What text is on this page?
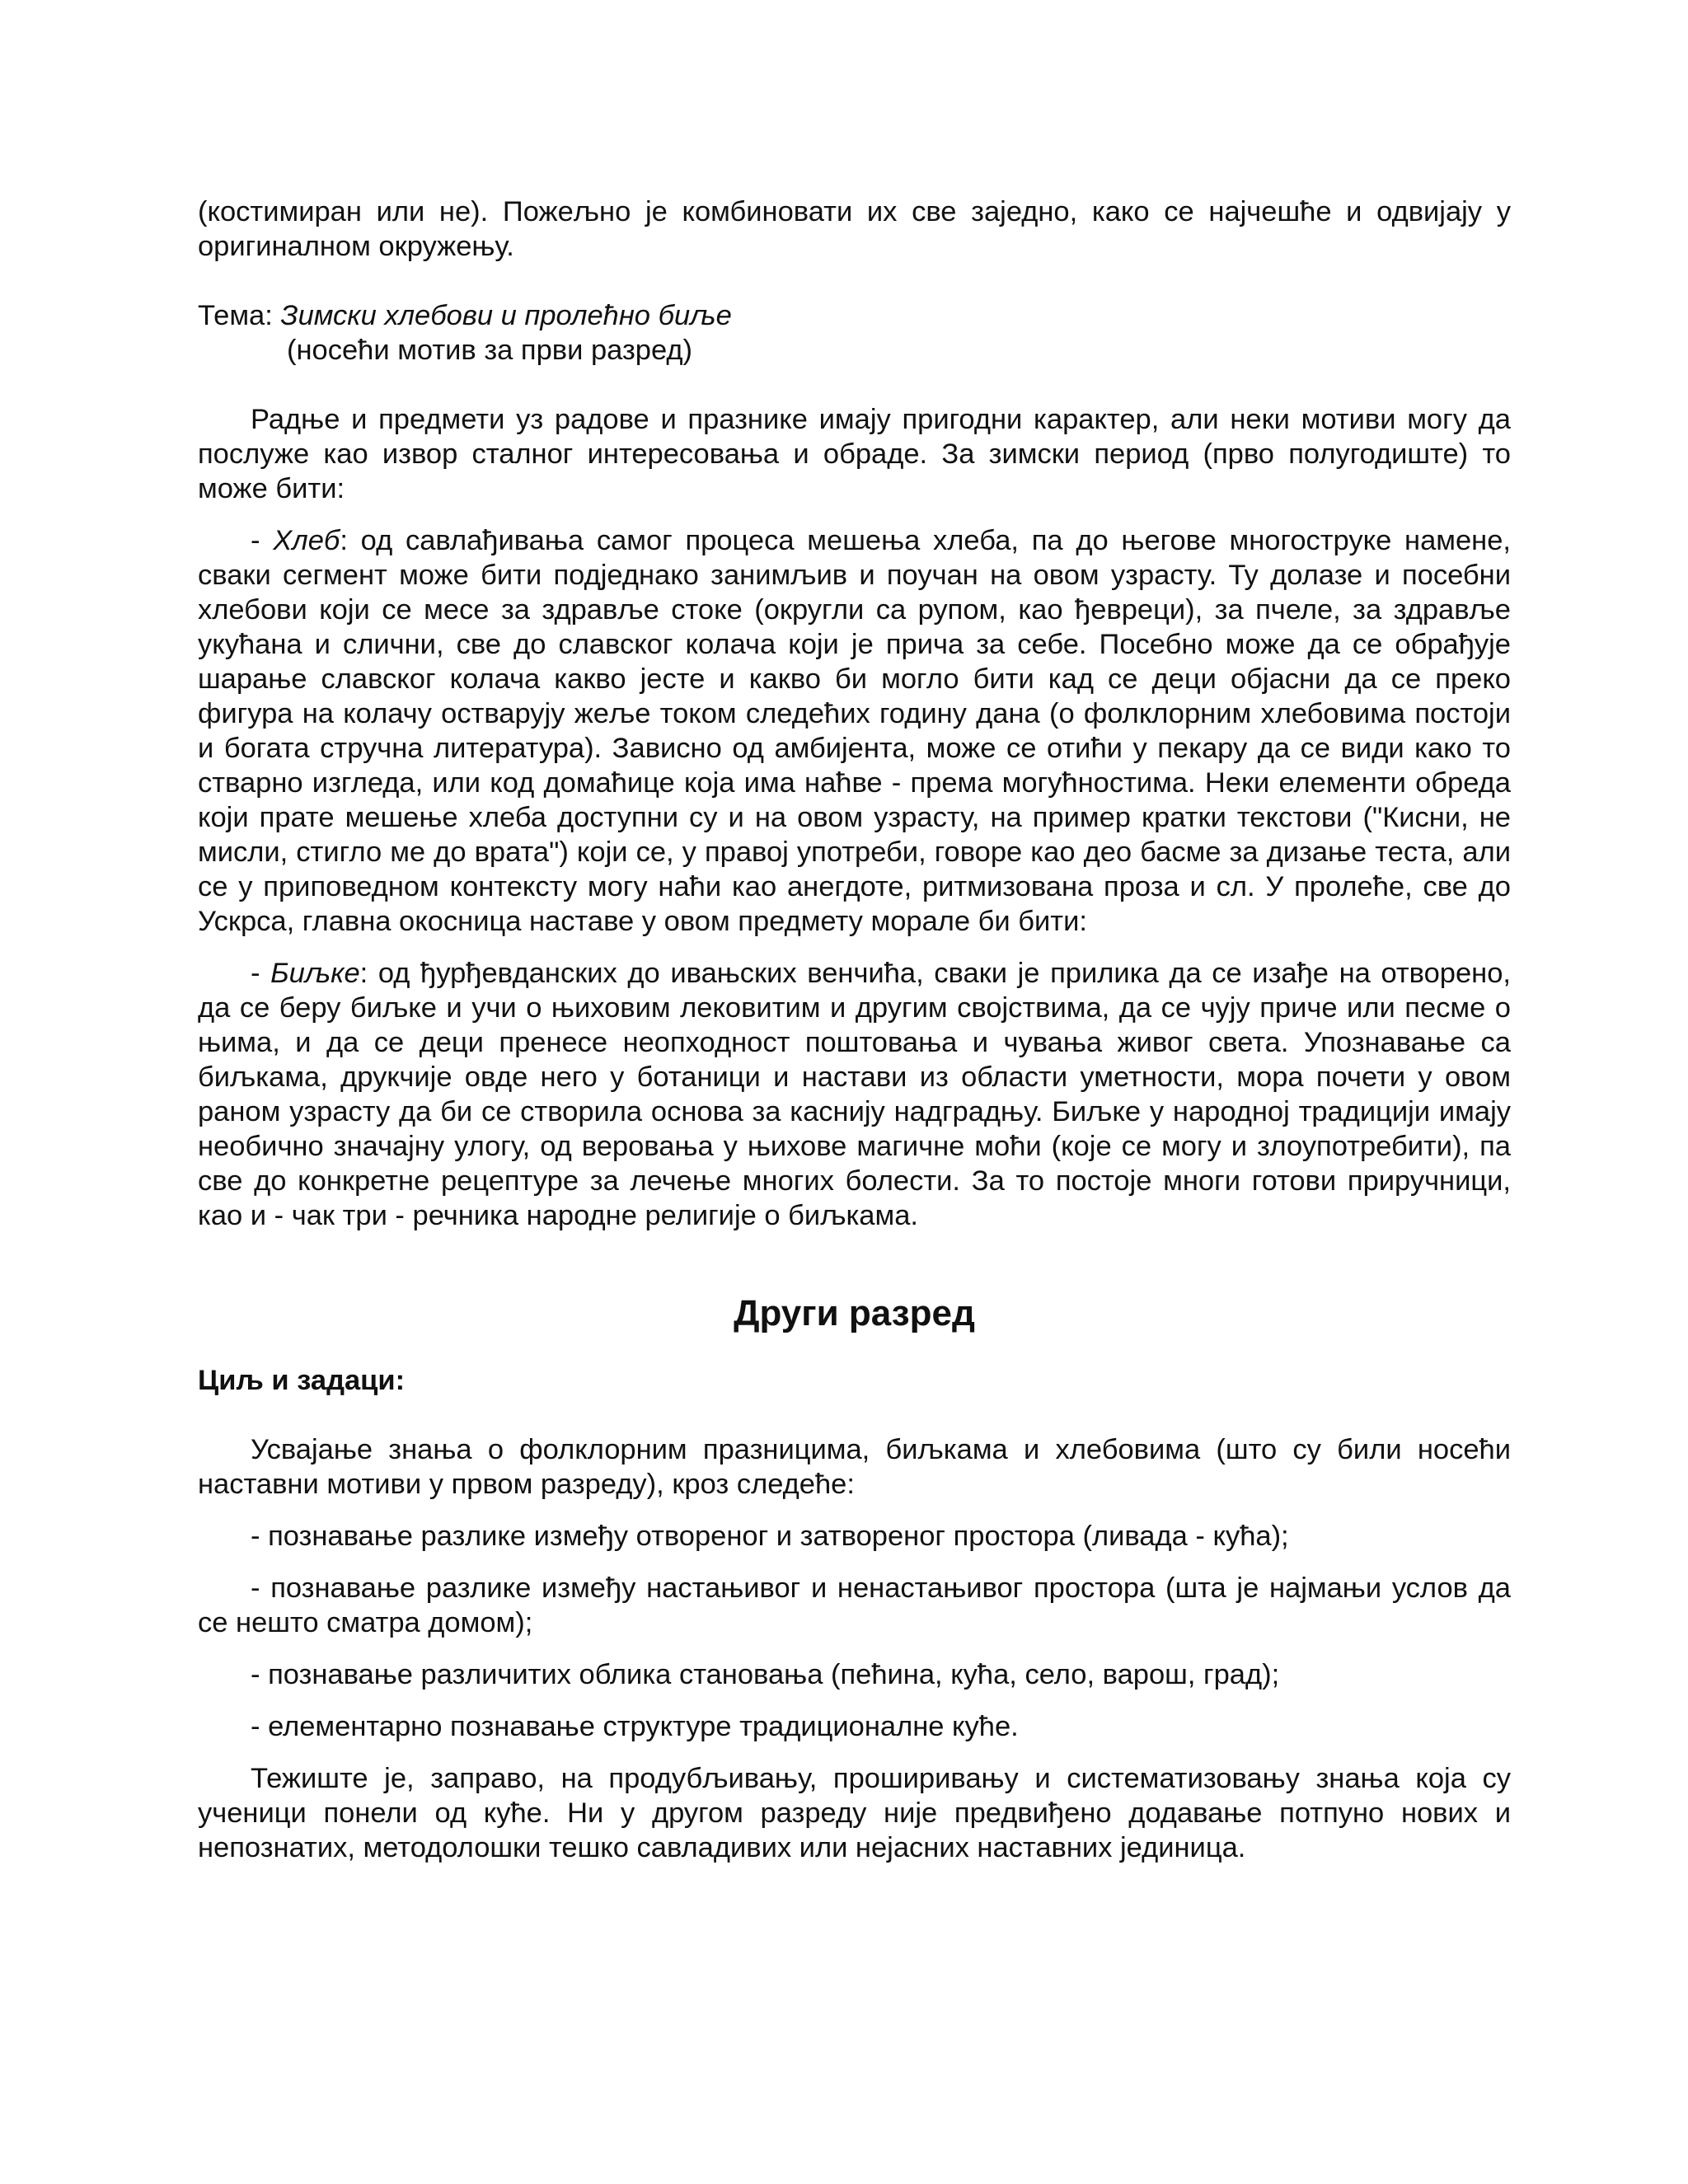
(костимиран или не). Пожељно је комбиновати их све заједно, како се најчешће и одвијају у оригиналном окружењу.

Тема: Зимски хлебови и пролећно биље
(носећи мотив за први разред)

Радње и предмети уз радове и празнике имају пригодни карактер, али неки мотиви могу да послуже као извор сталног интересовања и обраде. За зимски период (прво полугодиште) то може бити:

- Хлеб: од савлађивања самог процеса мешења хлеба, па до његове многоструке намене, сваки сегмент може бити подједнако занимљив и поучан на овом узрасту. Ту долазе и посебни хлебови који се месе за здравље стоке (округли са рупом, као ђевреци), за пчеле, за здравље укућана и слични, све до славског колача који је прича за себе. Посебно може да се обрађује шарање славског колача какво јесте и какво би могло бити кад се деци објасни да се преко фигура на колачу остварују жеље током следећих годину дана (о фолклорним хлебовима постоји и богата стручна литература). Зависно од амбијента, може се отићи у пекару да се види како то стварно изгледа, или код домаћице која има наћве - према могућностима. Неки елементи обреда који прате мешење хлеба доступни су и на овом узрасту, на пример кратки текстови ("Кисни, не мисли, стигло ме до врата") који се, у правој употреби, говоре као део басме за дизање теста, али се у приповедном контексту могу наћи као анегдоте, ритмизована проза и сл. У пролеће, све до Ускрса, главна окосница наставе у овом предмету морале би бити:

- Биљке: од ђурђевданских до ивањских венчића, сваки је прилика да се изађе на отворено, да се беру биљке и учи о њиховим лековитим и другим својствима, да се чују приче или песме о њима, и да се деци пренесе неопходност поштовања и чувања живог света. Упознавање са биљкама, друкчије овде него у ботаници и настави из области уметности, мора почети у овом раном узрасту да би се створила основа за каснију надградњу. Биљке у народној традицији имају необично значајну улогу, од веровања у њихове магичне моћи (које се могу и злоупотребити), па све до конкретне рецептуре за лечење многих болести. За то постоје многи готови приручници, као и - чак три - речника народне религије о биљкама.

Други разред
Циљ и задаци:

Усвајање знања о фолклорним празницима, биљкама и хлебовима (што су били носећи наставни мотиви у првом разреду), кроз следеће:

- познавање разлике између отвореног и затвореног простора (ливада - кућа);

- познавање разлике између настањивог и ненастањивог простора (шта је најмањи услов да се нешто сматра домом);

- познавање различитих облика становања (пећина, кућа, село, варош, град);

- елементарно познавање структуре традиционалне куће.

Тежиште је, заправо, на продубљивању, проширивању и систематизовању знања која су ученици понели од куће. Ни у другом разреду није предвиђено додавање потпуно нових и непознатих, методолошки тешко савладивих или нејасних наставних јединица.
